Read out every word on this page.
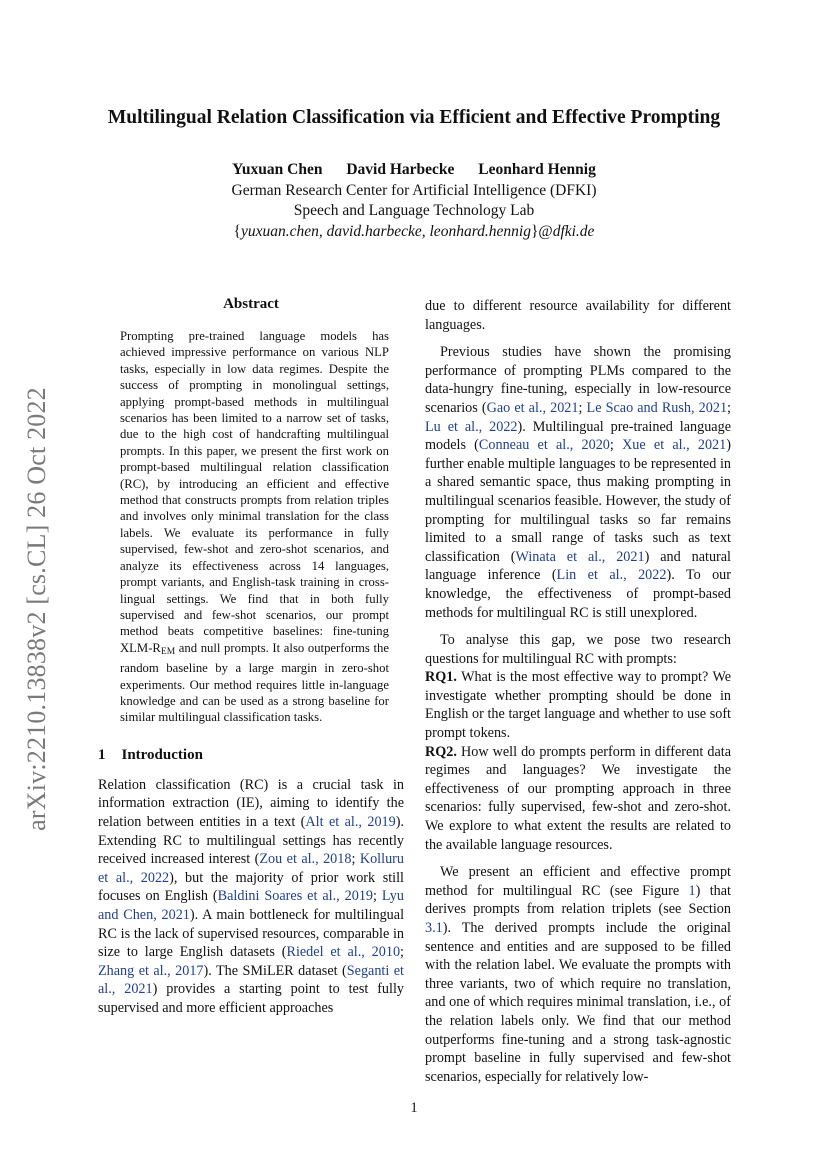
arXiv:2210.13838v2 [cs.CL] 26 Oct 2022
Multilingual Relation Classification via Efficient and Effective Prompting
Yuxuan Chen David Harbecke Leonhard Hennig
German Research Center for Artificial Intelligence (DFKI)
Speech and Language Technology Lab
{yuxuan.chen, david.harbecke, leonhard.hennig}@dfki.de
Abstract

Prompting pre-trained language models has achieved impressive performance on various NLP tasks, especially in low data regimes. Despite the success of prompting in monolingual settings, applying prompt-based methods in multilingual scenarios has been limited to a narrow set of tasks, due to the high cost of handcrafting multilingual prompts. In this paper, we present the first work on prompt-based multilingual relation classification (RC), by introducing an efficient and effective method that constructs prompts from relation triples and involves only minimal translation for the class labels. We evaluate its performance in fully supervised, few-shot and zero-shot scenarios, and analyze its effectiveness across 14 languages, prompt variants, and English-task training in cross-lingual settings. We find that in both fully supervised and few-shot scenarios, our prompt method beats competitive baselines: fine-tuning XLM-$R_{EM}$ and null prompts. It also outperforms the random baseline by a large margin in zero-shot experiments. Our method requires little in-language knowledge and can be used as a strong baseline for similar multilingual classification tasks.

1 Introduction

Relation classification (RC) is a crucial task in information extraction (IE), aiming to identify the relation between entities in a text (Alt et al., 2019). Extending RC to multilingual settings has recently received increased interest (Zou et al., 2018; Kolluru et al., 2022), but the majority of prior work still focuses on English (Baldini Soares et al., 2019; Lyu and Chen, 2021). A main bottleneck for multilingual RC is the lack of supervised resources, comparable in size to large English datasets (Riedel et al., 2010; Zhang et al., 2017). The SMiLER dataset (Seganti et al., 2021) provides a starting point to test fully supervised and more efficient approaches

due to different resource availability for different languages.

Previous studies have shown the promising performance of prompting PLMs compared to the data-hungry fine-tuning, especially in low-resource scenarios (Gao et al., 2021; Le Scao and Rush, 2021; Lu et al., 2022). Multilingual pre-trained language models (Conneau et al., 2020; Xue et al., 2021) further enable multiple languages to be represented in a shared semantic space, thus making prompting in multilingual scenarios feasible. However, the study of prompting for multilingual tasks so far remains limited to a small range of tasks such as text classification (Winata et al., 2021) and natural language inference (Lin et al., 2022). To our knowledge, the effectiveness of prompt-based methods for multilingual RC is still unexplored.

To analyse this gap, we pose two research questions for multilingual RC with prompts:

RQ1. What is the most effective way to prompt? We investigate whether prompting should be done in English or the target language and whether to use soft prompt tokens.

RQ2. How well do prompts perform in different data regimes and languages? We investigate the effectiveness of our prompting approach in three scenarios: fully supervised, few-shot and zero-shot. We explore to what extent the results are related to the available language resources.

We present an efficient and effective prompt method for multilingual RC (see Figure 1) that derives prompts from relation triplets (see Section 3.1). The derived prompts include the original sentence and entities and are supposed to be filled with the relation label. We evaluate the prompts with three variants, two of which require no translation, and one of which requires minimal translation, i.e., of the relation labels only. We find that our method outperforms fine-tuning and a strong task-agnostic prompt baseline in fully supervised and few-shot scenarios, especially for relatively low-

1
